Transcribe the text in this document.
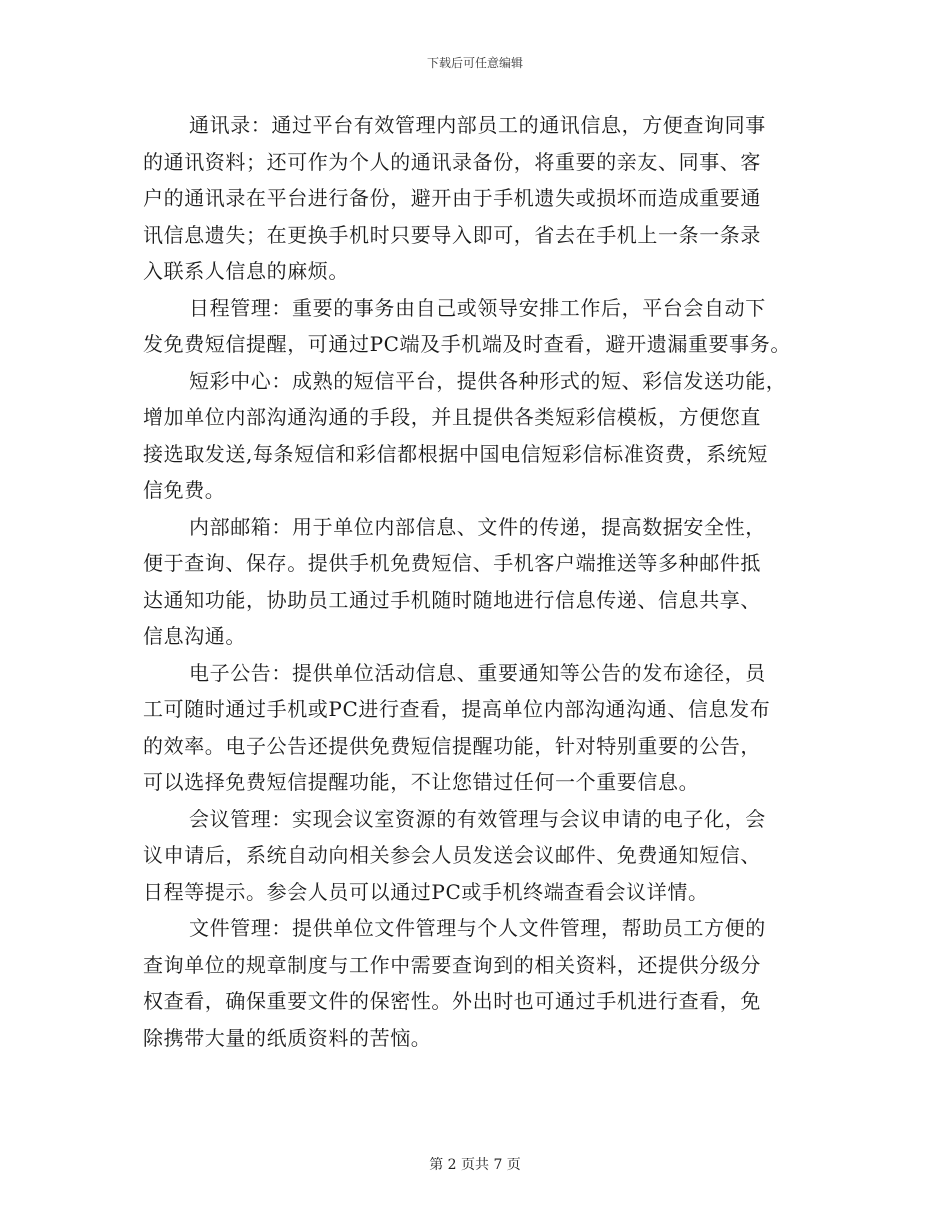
下载后可任意编辑
通讯录：通过平台有效管理内部员工的通讯信息，方便查询同事
的通讯资料；还可作为个人的通讯录备份，将重要的亲友、同事、客
户的通讯录在平台进行备份，避开由于手机遗失或损坏而造成重要通
讯信息遗失；在更换手机时只要导入即可，省去在手机上一条一条录
入联系人信息的麻烦。
日程管理：重要的事务由自己或领导安排工作后，平台会自动下
发免费短信提醒，可通过PC端及手机端及时查看，避开遗漏重要事务。
短彩中心：成熟的短信平台，提供各种形式的短、彩信发送功能，
增加单位内部沟通沟通的手段，并且提供各类短彩信模板，方便您直
接选取发送,每条短信和彩信都根据中国电信短彩信标准资费，系统短
信免费。
内部邮箱：用于单位内部信息、文件的传递，提高数据安全性，
便于查询、保存。提供手机免费短信、手机客户端推送等多种邮件抵
达通知功能，协助员工通过手机随时随地进行信息传递、信息共享、
信息沟通。
电子公告：提供单位活动信息、重要通知等公告的发布途径，员
工可随时通过手机或PC进行查看，提高单位内部沟通沟通、信息发布
的效率。电子公告还提供免费短信提醒功能，针对特别重要的公告，
可以选择免费短信提醒功能，不让您错过任何一个重要信息。
会议管理：实现会议室资源的有效管理与会议申请的电子化，会
议申请后，系统自动向相关参会人员发送会议邮件、免费通知短信、
日程等提示。参会人员可以通过PC或手机终端查看会议详情。
文件管理：提供单位文件管理与个人文件管理，帮助员工方便的
查询单位的规章制度与工作中需要查询到的相关资料，还提供分级分
权查看，确保重要文件的保密性。外出时也可通过手机进行查看，免
除携带大量的纸质资料的苦恼。
第 2 页共 7 页
